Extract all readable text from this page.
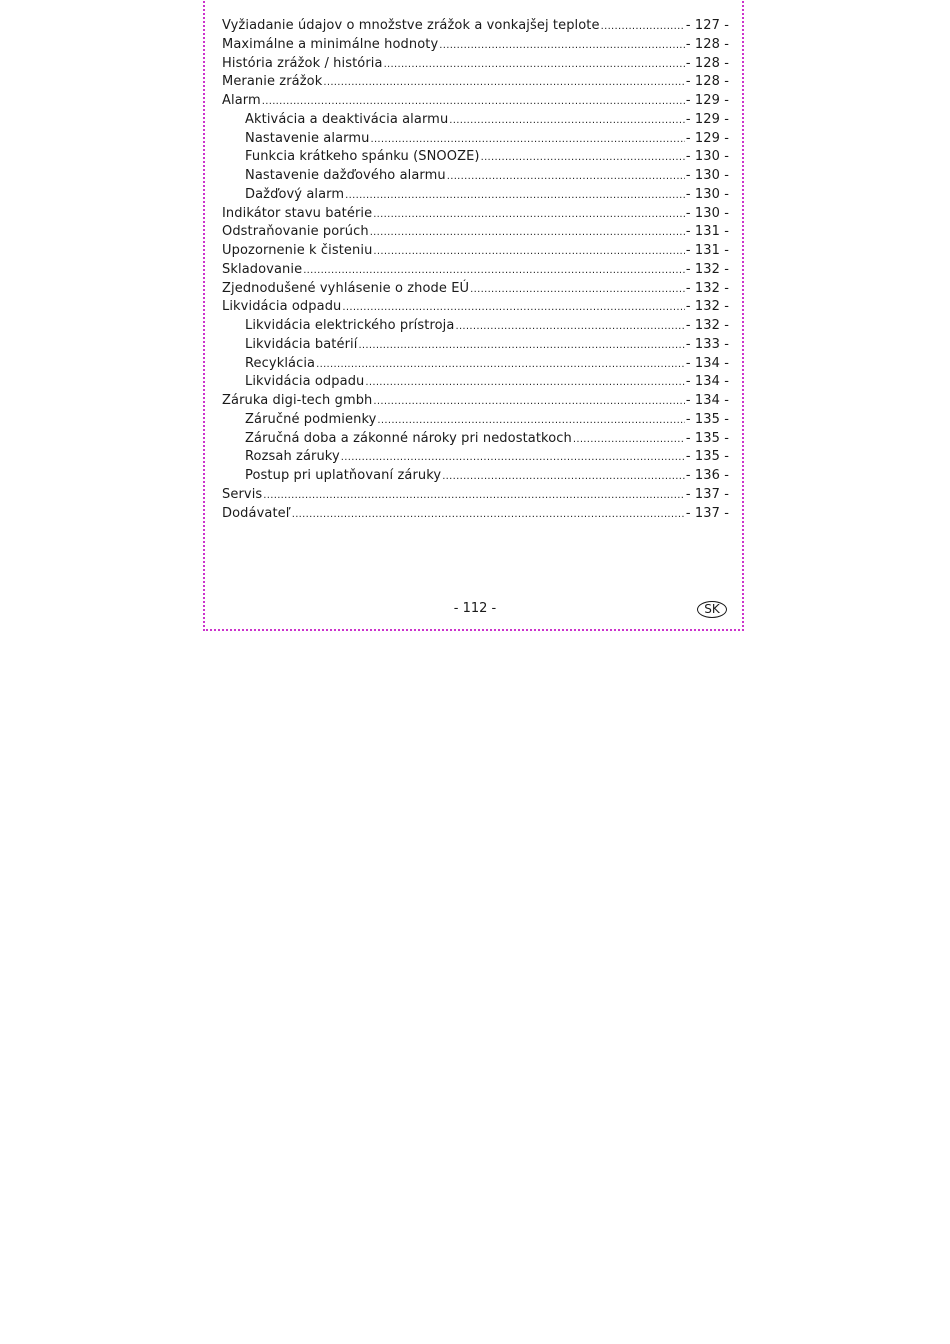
Vyžiadanie údajov o množstve zrážok a vonkajšej teplote .....	- 127 -
Maximálne a minimálne hodnoty .....	- 128 -
História zrážok / história .....	- 128 -
Meranie zrážok .....	- 128 -
Alarm .....	- 129 -
Aktivácia a deaktivácia alarmu .....	- 129 -
Nastavenie alarmu .....	- 129 -
Funkcia krátkeho spánku (SNOOZE) .....	- 130 -
Nastavenie dažďového alarmu .....	- 130 -
Dažďový alarm .....	- 130 -
Indikátor stavu batérie .....	- 130 -
Odstraňovanie porúch .....	- 131 -
Upozornenie k čisteniu .....	- 131 -
Skladovanie .....	- 132 -
Zjednodušené vyhlásenie o zhode EÚ .....	- 132 -
Likvidácia odpadu .....	- 132 -
Likvidácia elektrického prístroja .....	- 132 -
Likvidácia batérií .....	- 133 -
Recyklácia .....	- 134 -
Likvidácia odpadu .....	- 134 -
Záruka digi-tech gmbh .....	- 134 -
Záručné podmienky .....	- 135 -
Záručná doba a zákonné nároky pri nedostatkoch .....	- 135 -
Rozsah záruky .....	- 135 -
Postup pri uplatňovaní záruky .....	- 136 -
Servis .....	- 137 -
Dodávateľ .....	- 137 -
- 112 -	SK
